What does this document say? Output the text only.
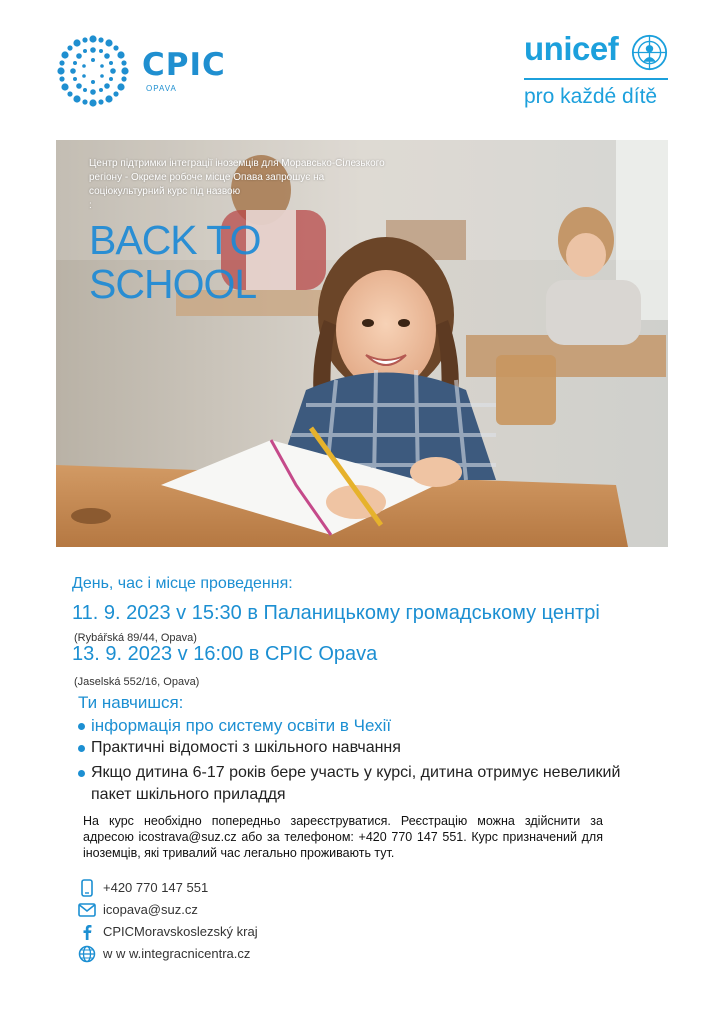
CPIC
OPAVA
unicef
pro každé dítě
Центр підтримки інтеграції іноземців для Моравсько-Сілезького регіону - Окреме робоче місце Опава запрошує на соціокультурний курс під назвою
:
BACK TO SCHOOL
День, час і місце проведення:
11. 9. 2023 v 15:30 в Паланицькому громадському центрі
(Rybářská 89/44, Opava)
13. 9. 2023 v 16:00 в CPIC Opava
(Jaselská 552/16, Opava)
Ти навчишся:
інформація про систему освіти в Чехії
Практичні відомості з шкільного навчання
Якщо дитина 6-17 років бере участь у курсі, дитина отримує невеликий пакет шкільного приладдя
На курс необхідно попередньо зареєструватися. Реєстрацію можна здійснити за адресою icostrava@suz.cz або за телефоном: +420 770 147 551. Курс призначений для іноземців, які тривалий час легально проживають тут.
+420 770 147 551
icopava@suz.cz
CPICMoravskoslezský kraj
w w w.integracnicentra.cz
